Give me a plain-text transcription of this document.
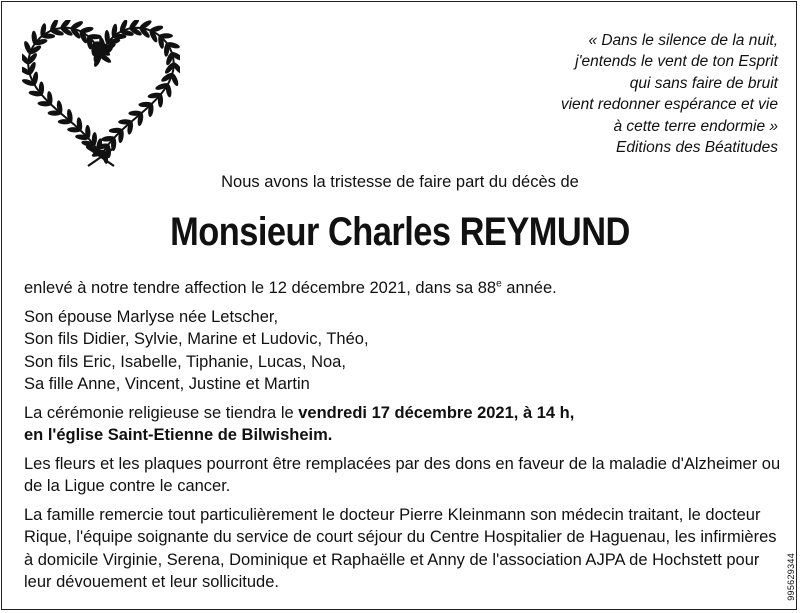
« Dans le silence de la nuit,
j'entends le vent de ton Esprit
qui sans faire de bruit
vient redonner espérance et vie
à cette terre endormie »
Editions des Béatitudes
Nous avons la tristesse de faire part du décès de
Monsieur Charles REYMUND

enlevé à notre tendre affection le 12 décembre 2021, dans sa 88e année.

Son épouse Marlyse née Letscher,
Son fils Didier, Sylvie, Marine et Ludovic, Théo,
Son fils Eric, Isabelle, Tiphanie, Lucas, Noa,
Sa fille Anne, Vincent, Justine et Martin

La cérémonie religieuse se tiendra le vendredi 17 décembre 2021, à 14 h,
en l'église Saint-Etienne de Bilwisheim.

Les fleurs et les plaques pourront être remplacées par des dons en faveur de la maladie d'Alzheimer ou de la Ligue contre le cancer.

La famille remercie tout particulièrement le docteur Pierre Kleinmann son médecin traitant, le docteur Rique, l'équipe soignante du service de court séjour du Centre Hospitalier de Haguenau, les infirmières à domicile Virginie, Serena, Dominique et Raphaëlle et Anny de l'association AJPA de Hochstett pour leur dévouement et leur sollicitude.	995629344
